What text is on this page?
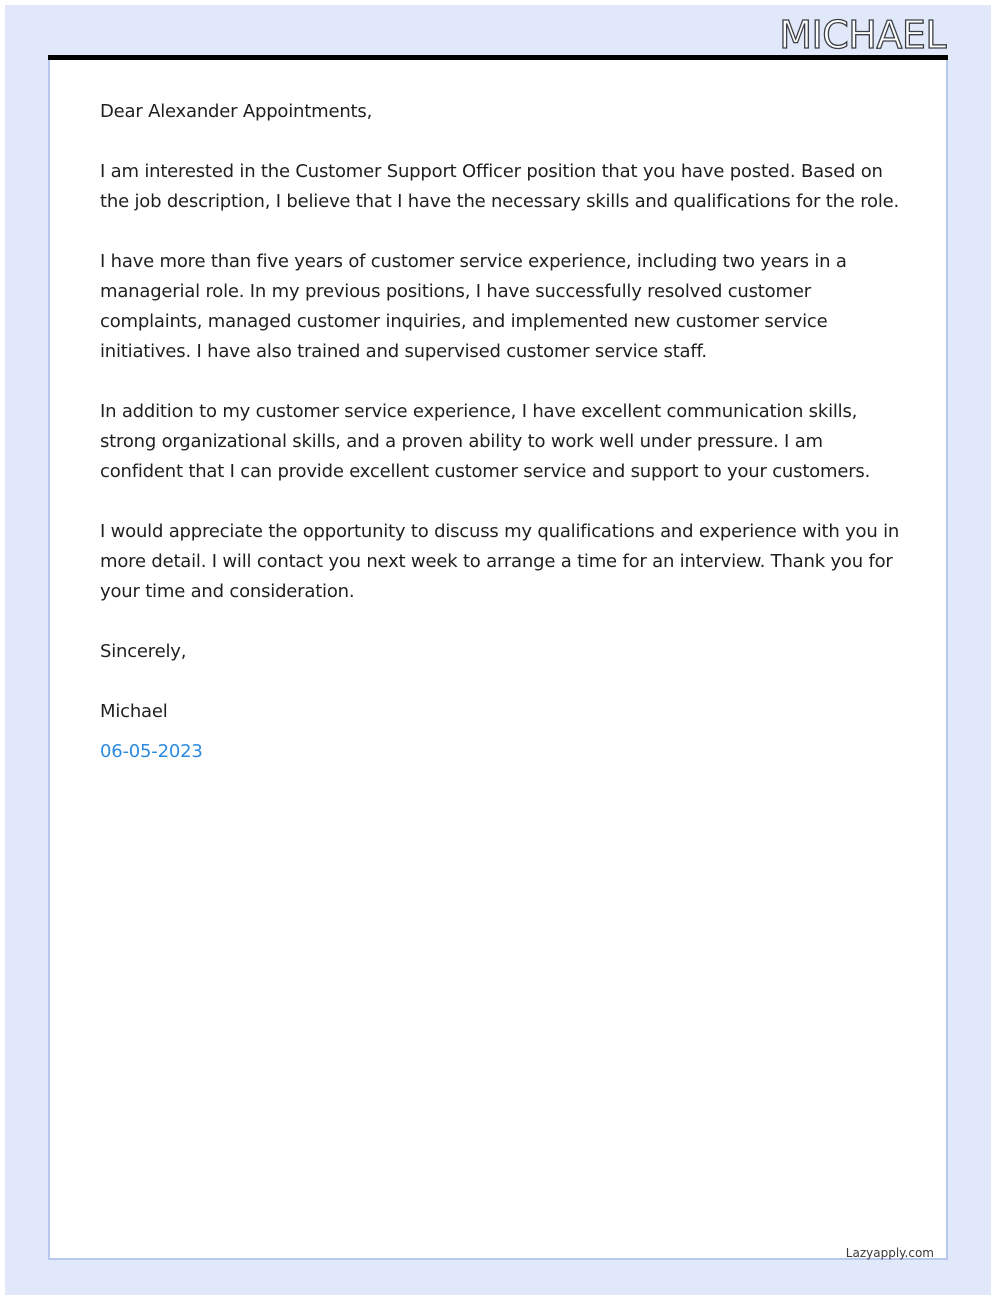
MICHAEL

Dear Alexander Appointments,

I am interested in the Customer Support Officer position that you have posted. Based on the job description, I believe that I have the necessary skills and qualifications for the role.

I have more than five years of customer service experience, including two years in a managerial role. In my previous positions, I have successfully resolved customer complaints, managed customer inquiries, and implemented new customer service initiatives. I have also trained and supervised customer service staff.

In addition to my customer service experience, I have excellent communication skills, strong organizational skills, and a proven ability to work well under pressure. I am confident that I can provide excellent customer service and support to your customers.

I would appreciate the opportunity to discuss my qualifications and experience with you in more detail. I will contact you next week to arrange a time for an interview. Thank you for your time and consideration.

Sincerely,

Michael

06-05-2023

Lazyapply.com
